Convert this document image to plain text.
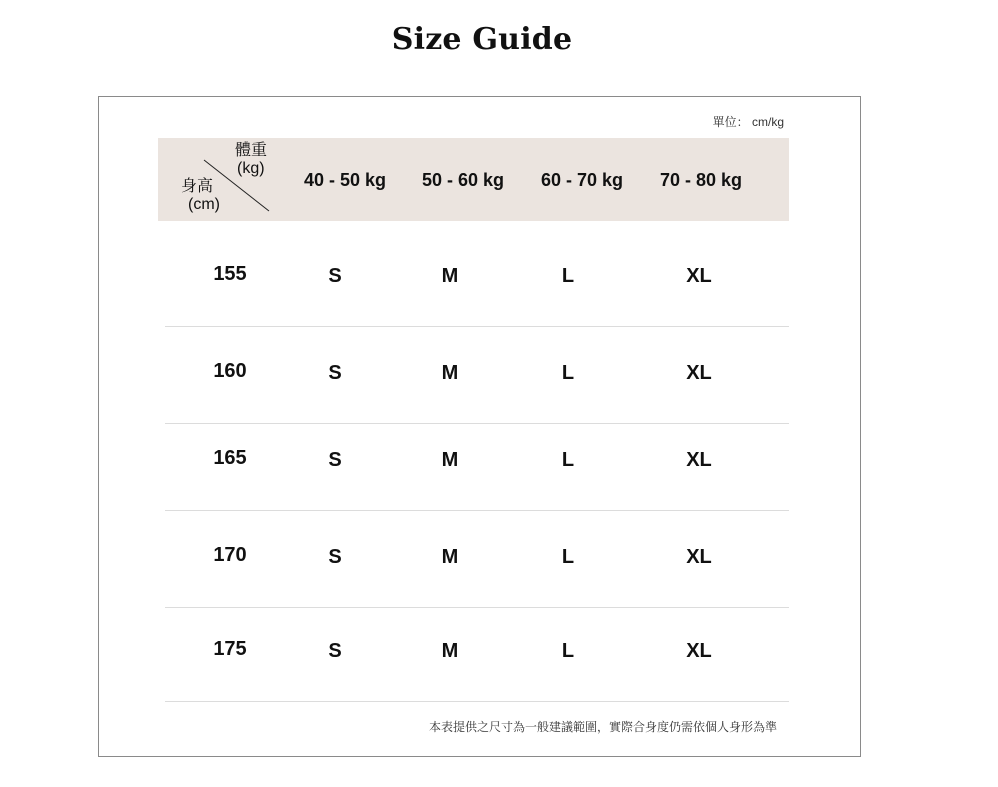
Size Guide
單位： cm/kg
體重
(kg)
身高
(cm)
40 - 50 kg 50 - 60 kg 60 - 70 kg 70 - 80 kg
155	S	M	L	XL
160	S	M	L	XL
165	S	M	L	XL
170	S	M	L	XL
175	S	M	L	XL
本表提供之尺寸為一般建議範圍，實際合身度仍需依個人身形為準
